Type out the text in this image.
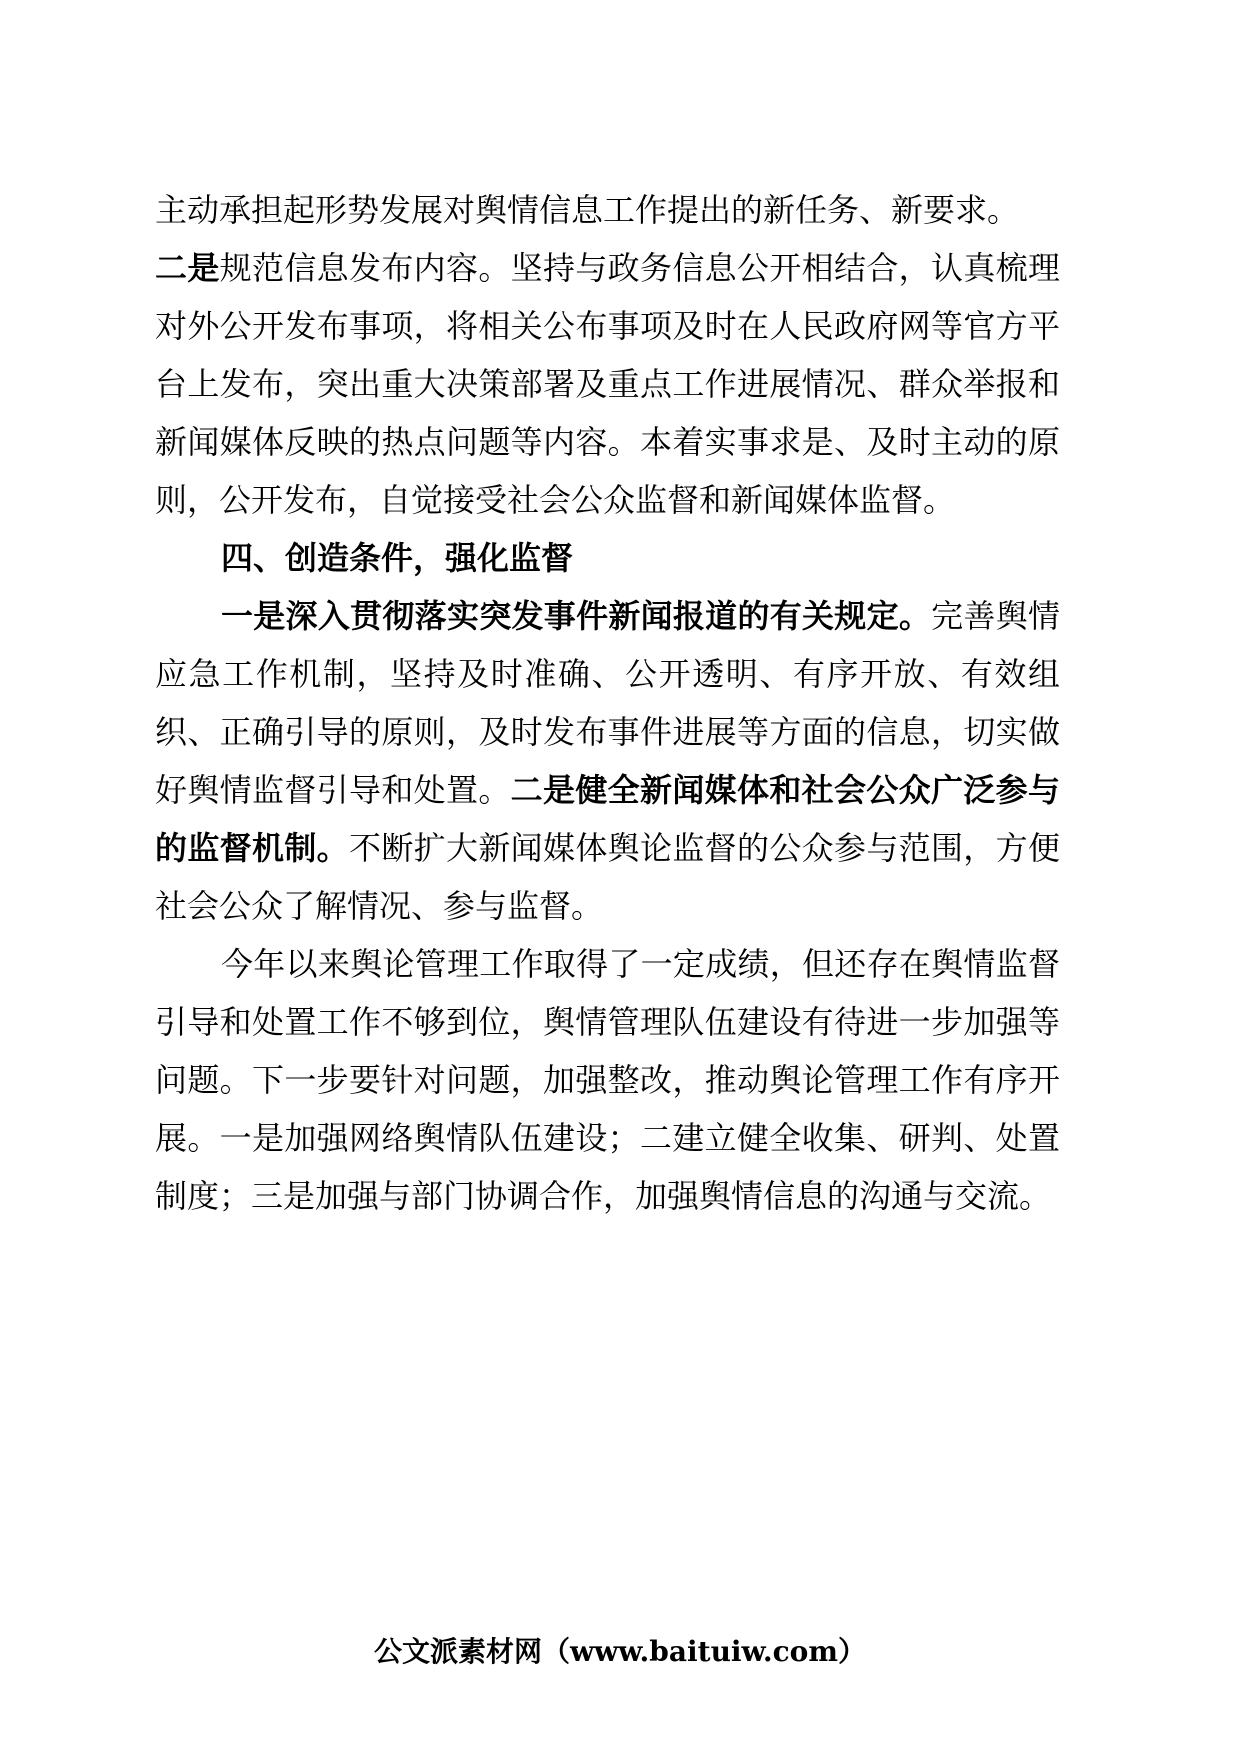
主动承担起形势发展对舆情信息工作提出的新任务、新要求。

二是规范信息发布内容。坚持与政务信息公开相结合，认真梳理对外公开发布事项，将相关公布事项及时在人民政府网等官方平台上发布，突出重大决策部署及重点工作进展情况、群众举报和新闻媒体反映的热点问题等内容。本着实事求是、及时主动的原则，公开发布，自觉接受社会公众监督和新闻媒体监督。

四、创造条件，强化监督

一是深入贯彻落实突发事件新闻报道的有关规定。完善舆情应急工作机制，坚持及时准确、公开透明、有序开放、有效组织、正确引导的原则，及时发布事件进展等方面的信息，切实做好舆情监督引导和处置。二是健全新闻媒体和社会公众广泛参与的监督机制。不断扩大新闻媒体舆论监督的公众参与范围，方便社会公众了解情况、参与监督。

今年以来舆论管理工作取得了一定成绩，但还存在舆情监督引导和处置工作不够到位，舆情管理队伍建设有待进一步加强等问题。下一步要针对问题，加强整改，推动舆论管理工作有序开展。一是加强网络舆情队伍建设；二建立健全收集、研判、处置制度；三是加强与部门协调合作，加强舆情信息的沟通与交流。

公文派素材网（www.baituiw.com）
